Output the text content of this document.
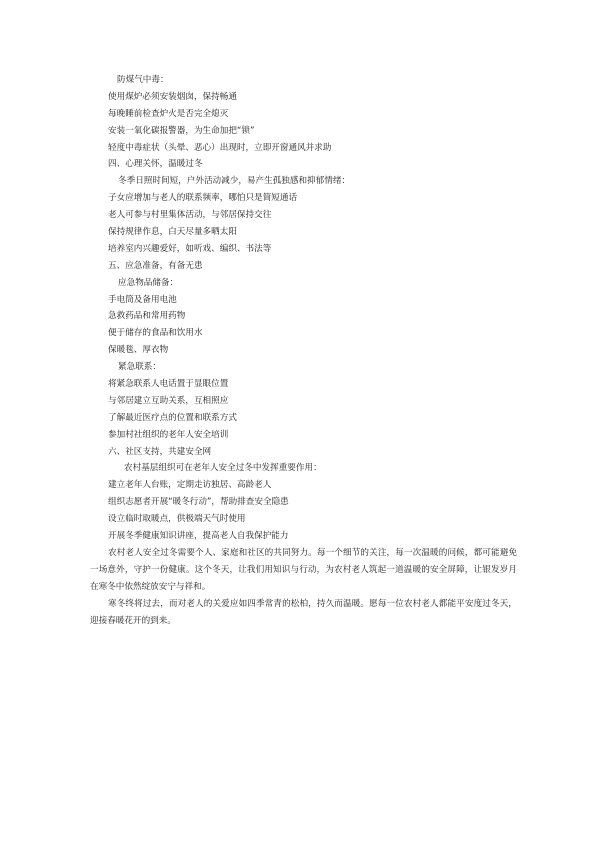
防煤气中毒：
使用煤炉必须安装烟囱，保持畅通
每晚睡前检查炉火是否完全熄灭
安装一氧化碳报警器，为生命加把“锁”
轻度中毒症状（头晕、恶心）出现时，立即开窗通风并求助
四、心理关怀，温暖过冬
冬季日照时间短，户外活动减少，易产生孤独感和抑郁情绪：
子女应增加与老人的联系频率，哪怕只是简短通话
老人可参与村里集体活动，与邻居保持交往
保持规律作息，白天尽量多晒太阳
培养室内兴趣爱好，如听戏、编织、书法等
五、应急准备，有备无患
应急物品储备：
手电筒及备用电池
急救药品和常用药物
便于储存的食品和饮用水
保暖毯、厚衣物
紧急联系：
将紧急联系人电话置于显眼位置
与邻居建立互助关系，互相照应
了解最近医疗点的位置和联系方式
参加村社组织的老年人安全培训
六、社区支持，共建安全网
农村基层组织可在老年人安全过冬中发挥重要作用：
建立老年人台账，定期走访独居、高龄老人
组织志愿者开展“暖冬行动”，帮助排查安全隐患
设立临时取暖点，供极端天气时使用
开展冬季健康知识讲座，提高老人自我保护能力

农村老人安全过冬需要个人、家庭和社区的共同努力。每一个细节的关注，每一次温暖的问候，都可能避免一场意外，守护一份健康。这个冬天，让我们用知识与行动，为农村老人筑起一道温暖的安全屏障，让银发岁月在寒冬中依然绽放安宁与祥和。

寒冬终将过去，而对老人的关爱应如四季常青的松柏，持久而温暖。愿每一位农村老人都能平安度过冬天，迎接春暖花开的到来。
